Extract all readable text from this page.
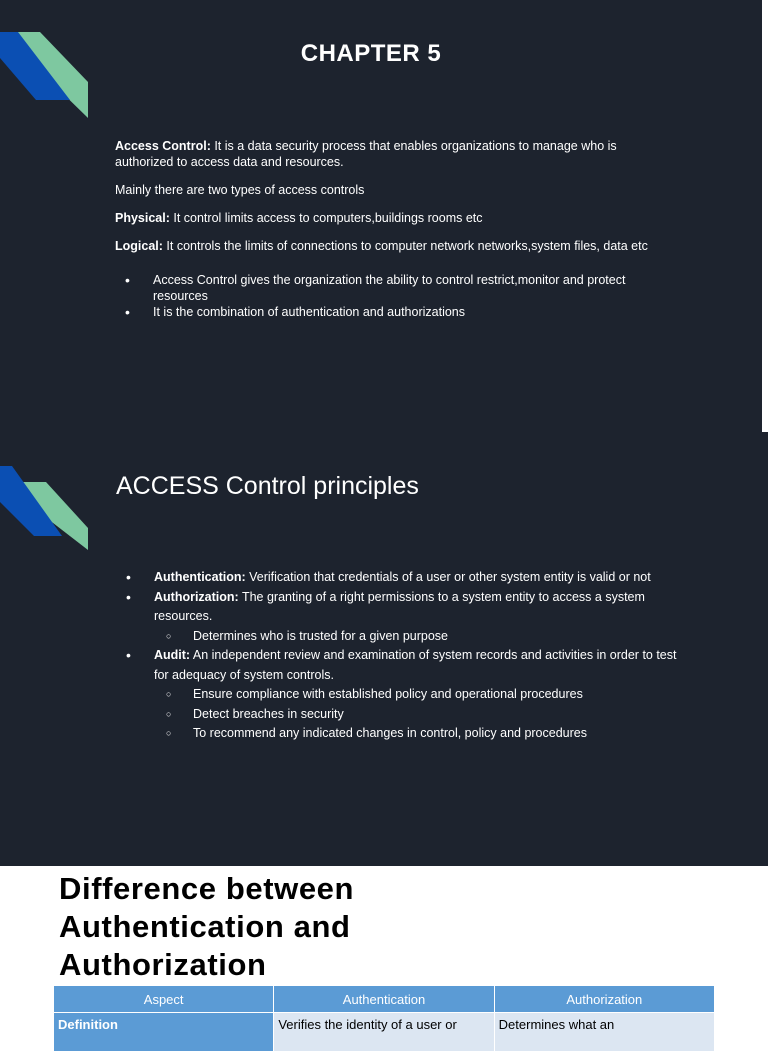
CHAPTER 5

Access Control: It is a data security process that enables organizations to manage who is authorized to access data and resources.

Mainly there are two types of access controls

Physical: It control limits access to computers,buildings rooms etc

Logical: It controls the limits of connections to computer network networks,system files, data etc

• Access Control gives the organization the ability to control restrict,monitor and protect resources
• It is the combination of authentication and authorizations
ACCESS Control principles
• Authentication: Verification that credentials of a user or other system entity is valid or not
• Authorization: The granting of a right permissions to a system entity to access a system resources.
○ Determines who is trusted for a given purpose
• Audit: An independent review and examination of system records and activities in order to test for adequacy of system controls.
○ Ensure compliance with established policy and operational procedures
○ Detect breaches in security
○ To recommend any indicated changes in control, policy and procedures
Difference between
Authentication and
Authorization
Aspect	Authentication	Authorization
Definition	Verifies the identity of a user or	Determines what an
